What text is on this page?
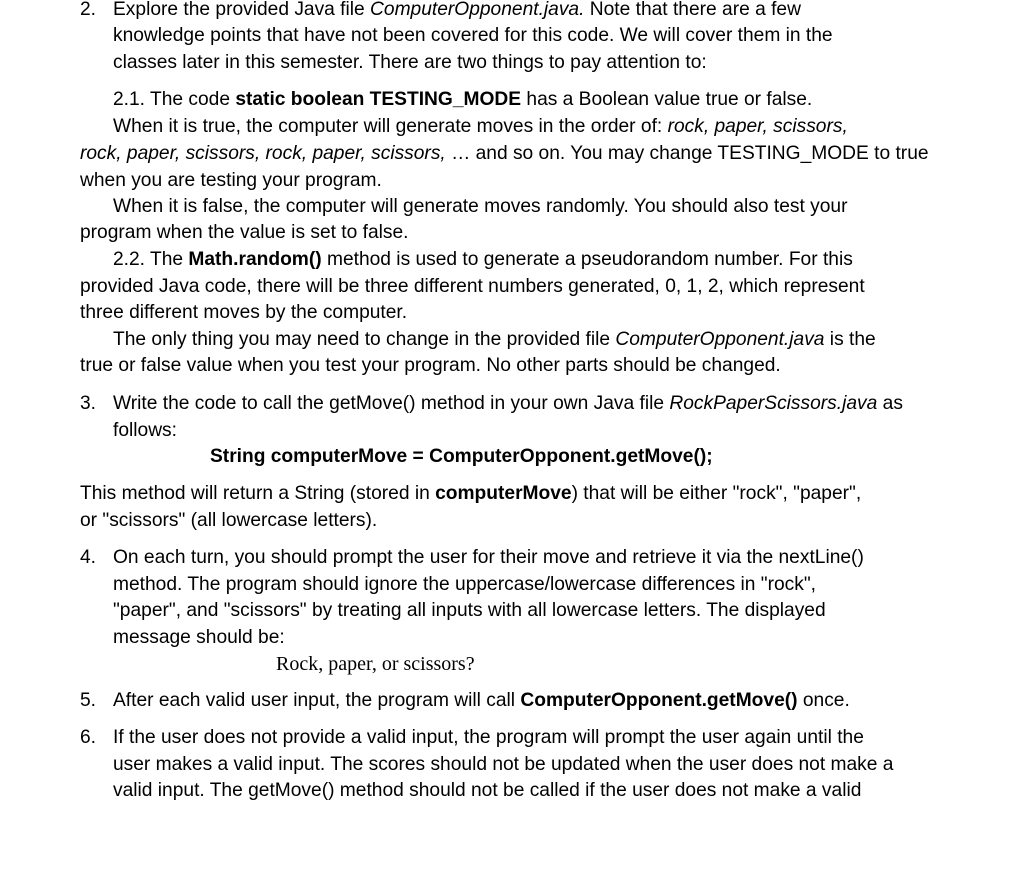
2. Explore the provided Java file ComputerOpponent.java. Note that there are a few
knowledge points that have not been covered for this code. We will cover them in the
classes later in this semester. There are two things to pay attention to:
2.1. The code static boolean TESTING_MODE has a Boolean value true or false.
When it is true, the computer will generate moves in the order of: rock, paper, scissors,
rock, paper, scissors, rock, paper, scissors, … and so on. You may change TESTING_MODE to true
when you are testing your program.
When it is false, the computer will generate moves randomly. You should also test your
program when the value is set to false.
2.2. The Math.random() method is used to generate a pseudorandom number. For this
provided Java code, there will be three different numbers generated, 0, 1, 2, which represent
three different moves by the computer.
The only thing you may need to change in the provided file ComputerOpponent.java is the
true or false value when you test your program. No other parts should be changed.
3. Write the code to call the getMove() method in your own Java file RockPaperScissors.java as
follows:
String computerMove = ComputerOpponent.getMove();
This method will return a String (stored in computerMove) that will be either "rock", "paper",
or "scissors" (all lowercase letters).
4. On each turn, you should prompt the user for their move and retrieve it via the nextLine()
method. The program should ignore the uppercase/lowercase differences in "rock",
"paper", and "scissors" by treating all inputs with all lowercase letters. The displayed
message should be:
Rock, paper, or scissors?
5. After each valid user input, the program will call ComputerOpponent.getMove() once.
6. If the user does not provide a valid input, the program will prompt the user again until the
user makes a valid input. The scores should not be updated when the user does not make a
valid input. The getMove() method should not be called if the user does not make a valid
